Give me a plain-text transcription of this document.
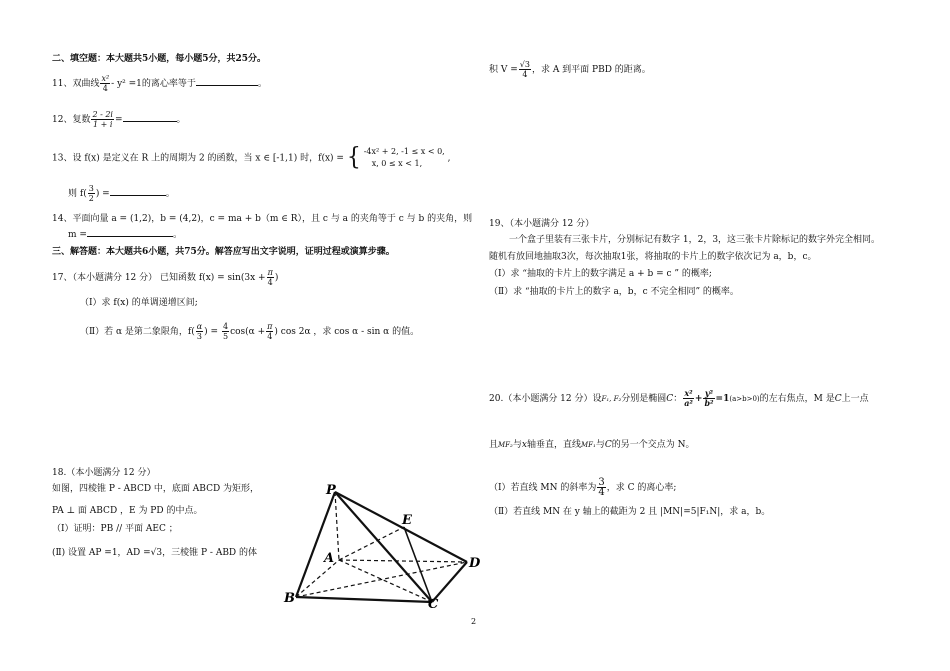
二、填空题：本大题共5小题，每小题5分，共25分。
11、双曲线 $\frac{\text{x²}}{4} - y^2 =1$的离心率等于	。
12、复数 $\frac{2 - 2i}{1 + i}$ =	。
13、设 f(x) 是定义在 R 上的周期为 2 的函数，当 x ∈ [-1,1) 时，f(x) = { -4x² + 2, -1 ≤ x < 0,
x, 0 ≤ x < 1,	,
则 $f( \frac{3}{2}$ ) =	。
14、平面向量 a = (1,2)，b = (4,2)，c = ma + b（m ∈ R），且 c 与 a 的夹角等于 c 与 b 的夹角，则
m =	。
三、解答题：本大题共6小题，共75分。解答应写出文字说明，证明过程或演算步骤。
17、（本小题满分 12 分） 已知函数 $f(x) = \sin(3x + \frac{\pi}{4}$ )
（Ⅰ）求 f(x) 的单调递增区间;
（Ⅱ）若 α 是第二象限角，$f( \frac{\alpha}{3}$ ) = $\frac{4}{5} \cos(\alpha + \frac{\pi}{4}$ ) cos 2α ，求 cos α - sin α 的值。
18.（本小题满分 12 分）
如图，四棱锥 P - ABCD 中，底面 ABCD 为矩形，
PA ⊥ 面 ABCD ，E 为 PD 的中点。
（Ⅰ）证明：PB // 平面 AEC ；
(Ⅱ) 设置 AP =1，AD =√3，三棱锥 P - ABD 的体
P
E
A	D
B	C
积 $V = \frac{√3}{4}$ ，求 A 到平面 PBD 的距离。
19、（本小题满分 12 分）
一个盒子里装有三张卡片，分别标记有数字 1，2，3，这三张卡片除标记的数字外完全相同。
随机有放回地抽取3次，每次抽取1张，将抽取的卡片上的数字依次记为 a，b，c。
（Ⅰ）求 “抽取的卡片上的数字满足 a + b = c ” 的概率;
（Ⅱ）求 “抽取的卡片上的数字 a，b，c 不完全相同” 的概率。
20.（本小题满分 12 分）设F₁, F₂分别是椭圆C： $\frac{\text{x²}}{\text{a²}} + \frac{\text{y²}}{\text{b²}} =1(a>b>0)$的左右焦点，M 是C上一点
且MF₂与x轴垂直，直线MF₁与C的另一个交点为 N。
（Ⅰ）若直线 MN 的斜率为 $\frac{3}{4}$ ，求 C 的离心率;
（Ⅱ）若直线 MN 在 y 轴上的截距为 2 且 |MN|=5|F₁N|，求 a，b。
2
